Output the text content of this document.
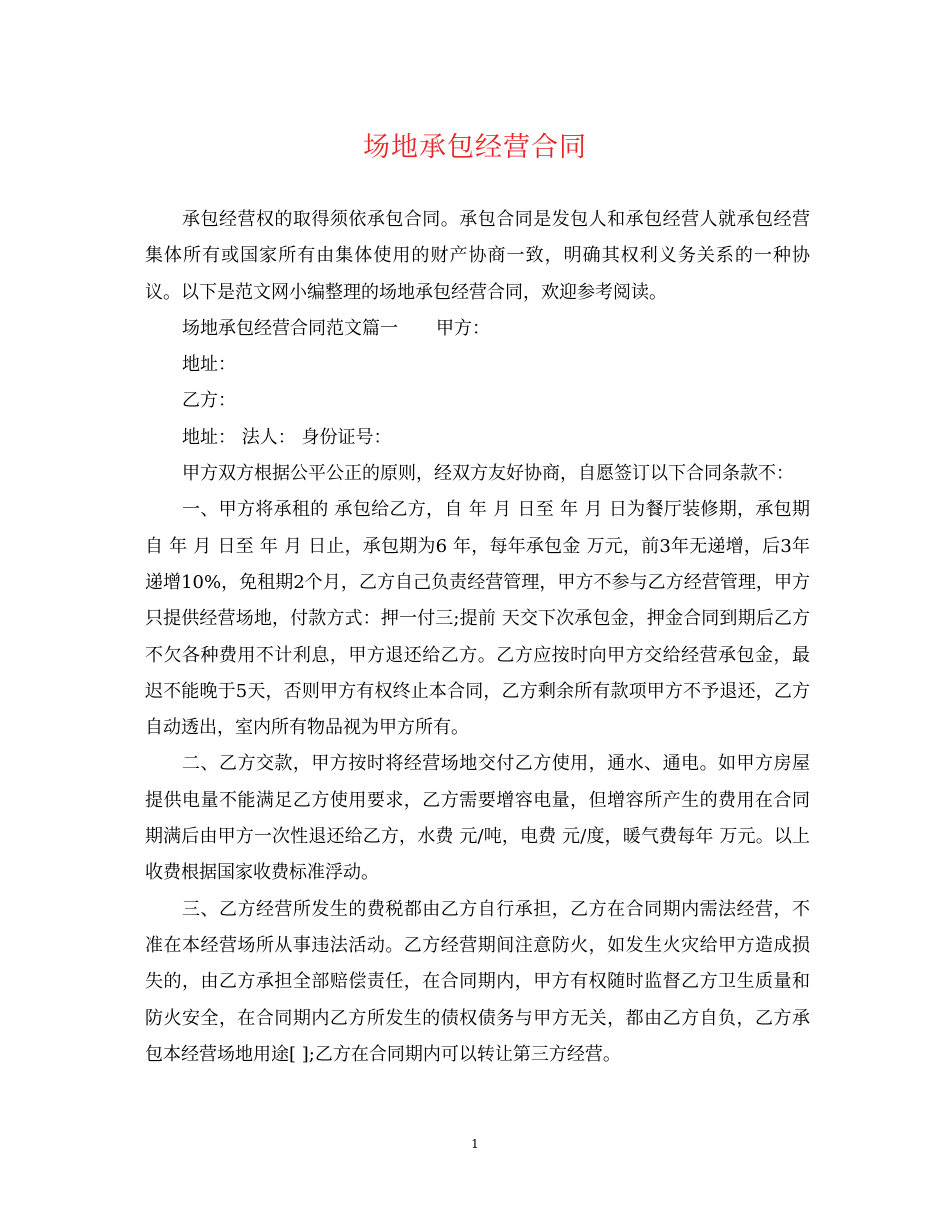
场地承包经营合同

承包经营权的取得须依承包合同。承包合同是发包人和承包经营人就承包经营集体所有或国家所有由集体使用的财产协商一致，明确其权利义务关系的一种协议。以下是范文网小编整理的场地承包经营合同，欢迎参考阅读。

场地承包经营合同范文篇一 甲方：

地址：

乙方：

地址： 法人： 身份证号：

甲方双方根据公平公正的原则，经双方友好协商，自愿签订以下合同条款不：

一、甲方将承租的 承包给乙方，自 年 月 日至 年 月 日为餐厅装修期，承包期自 年 月 日至 年 月 日止，承包期为6 年，每年承包金 万元，前3年无递增，后3年递增10%，免租期2个月，乙方自己负责经营管理，甲方不参与乙方经营管理，甲方只提供经营场地，付款方式：押一付三;提前 天交下次承包金，押金合同到期后乙方不欠各种费用不计利息，甲方退还给乙方。乙方应按时向甲方交给经营承包金，最迟不能晚于5天，否则甲方有权终止本合同，乙方剩余所有款项甲方不予退还，乙方自动透出，室内所有物品视为甲方所有。

二、乙方交款，甲方按时将经营场地交付乙方使用，通水、通电。如甲方房屋提供电量不能满足乙方使用要求，乙方需要增容电量，但增容所产生的费用在合同期满后由甲方一次性退还给乙方，水费 元/吨，电费 元/度，暖气费每年 万元。以上收费根据国家收费标准浮动。

三、乙方经营所发生的费税都由乙方自行承担，乙方在合同期内需法经营，不准在本经营场所从事违法活动。乙方经营期间注意防火，如发生火灾给甲方造成损失的，由乙方承担全部赔偿责任，在合同期内，甲方有权随时监督乙方卫生质量和防火安全，在合同期内乙方所发生的债权债务与甲方无关，都由乙方自负，乙方承包本经营场地用途[ ];乙方在合同期内可以转让第三方经营。

1
